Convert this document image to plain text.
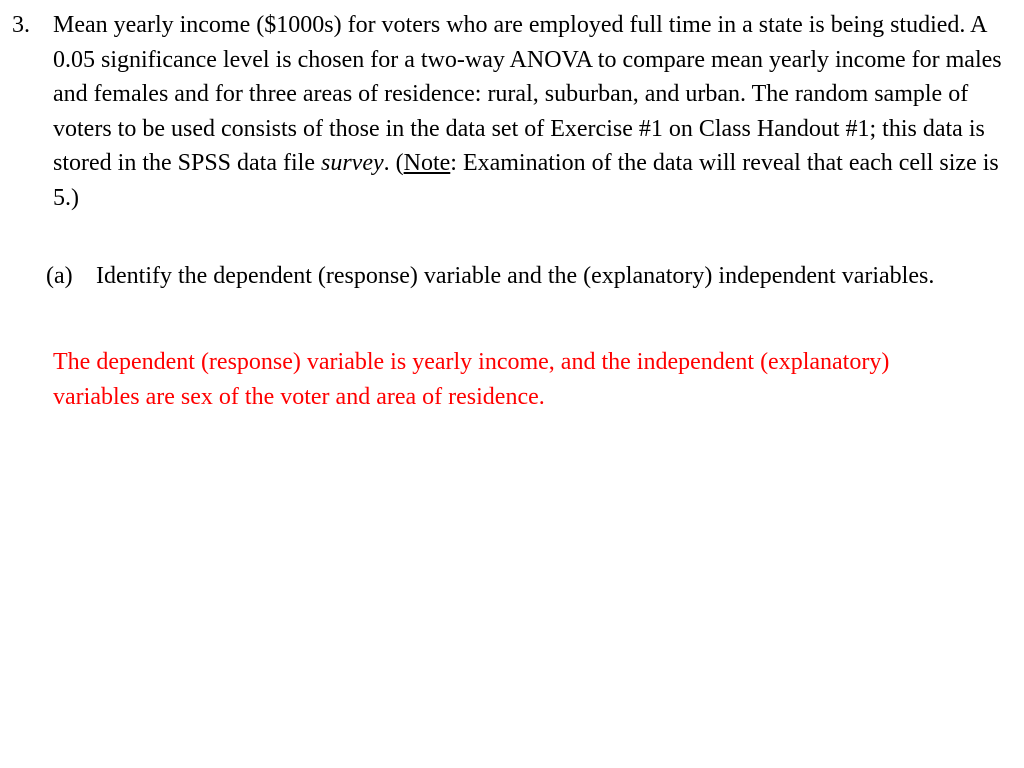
3. Mean yearly income ($1000s) for voters who are employed full time in a state is being studied. A 0.05 significance level is chosen for a two-way ANOVA to compare mean yearly income for males and females and for three areas of residence: rural, suburban, and urban. The random sample of voters to be used consists of those in the data set of Exercise #1 on Class Handout #1; this data is stored in the SPSS data file survey. (Note: Examination of the data will reveal that each cell size is 5.)
(a) Identify the dependent (response) variable and the (explanatory) independent variables.
The dependent (response) variable is yearly income, and the independent (explanatory) variables are sex of the voter and area of residence.
